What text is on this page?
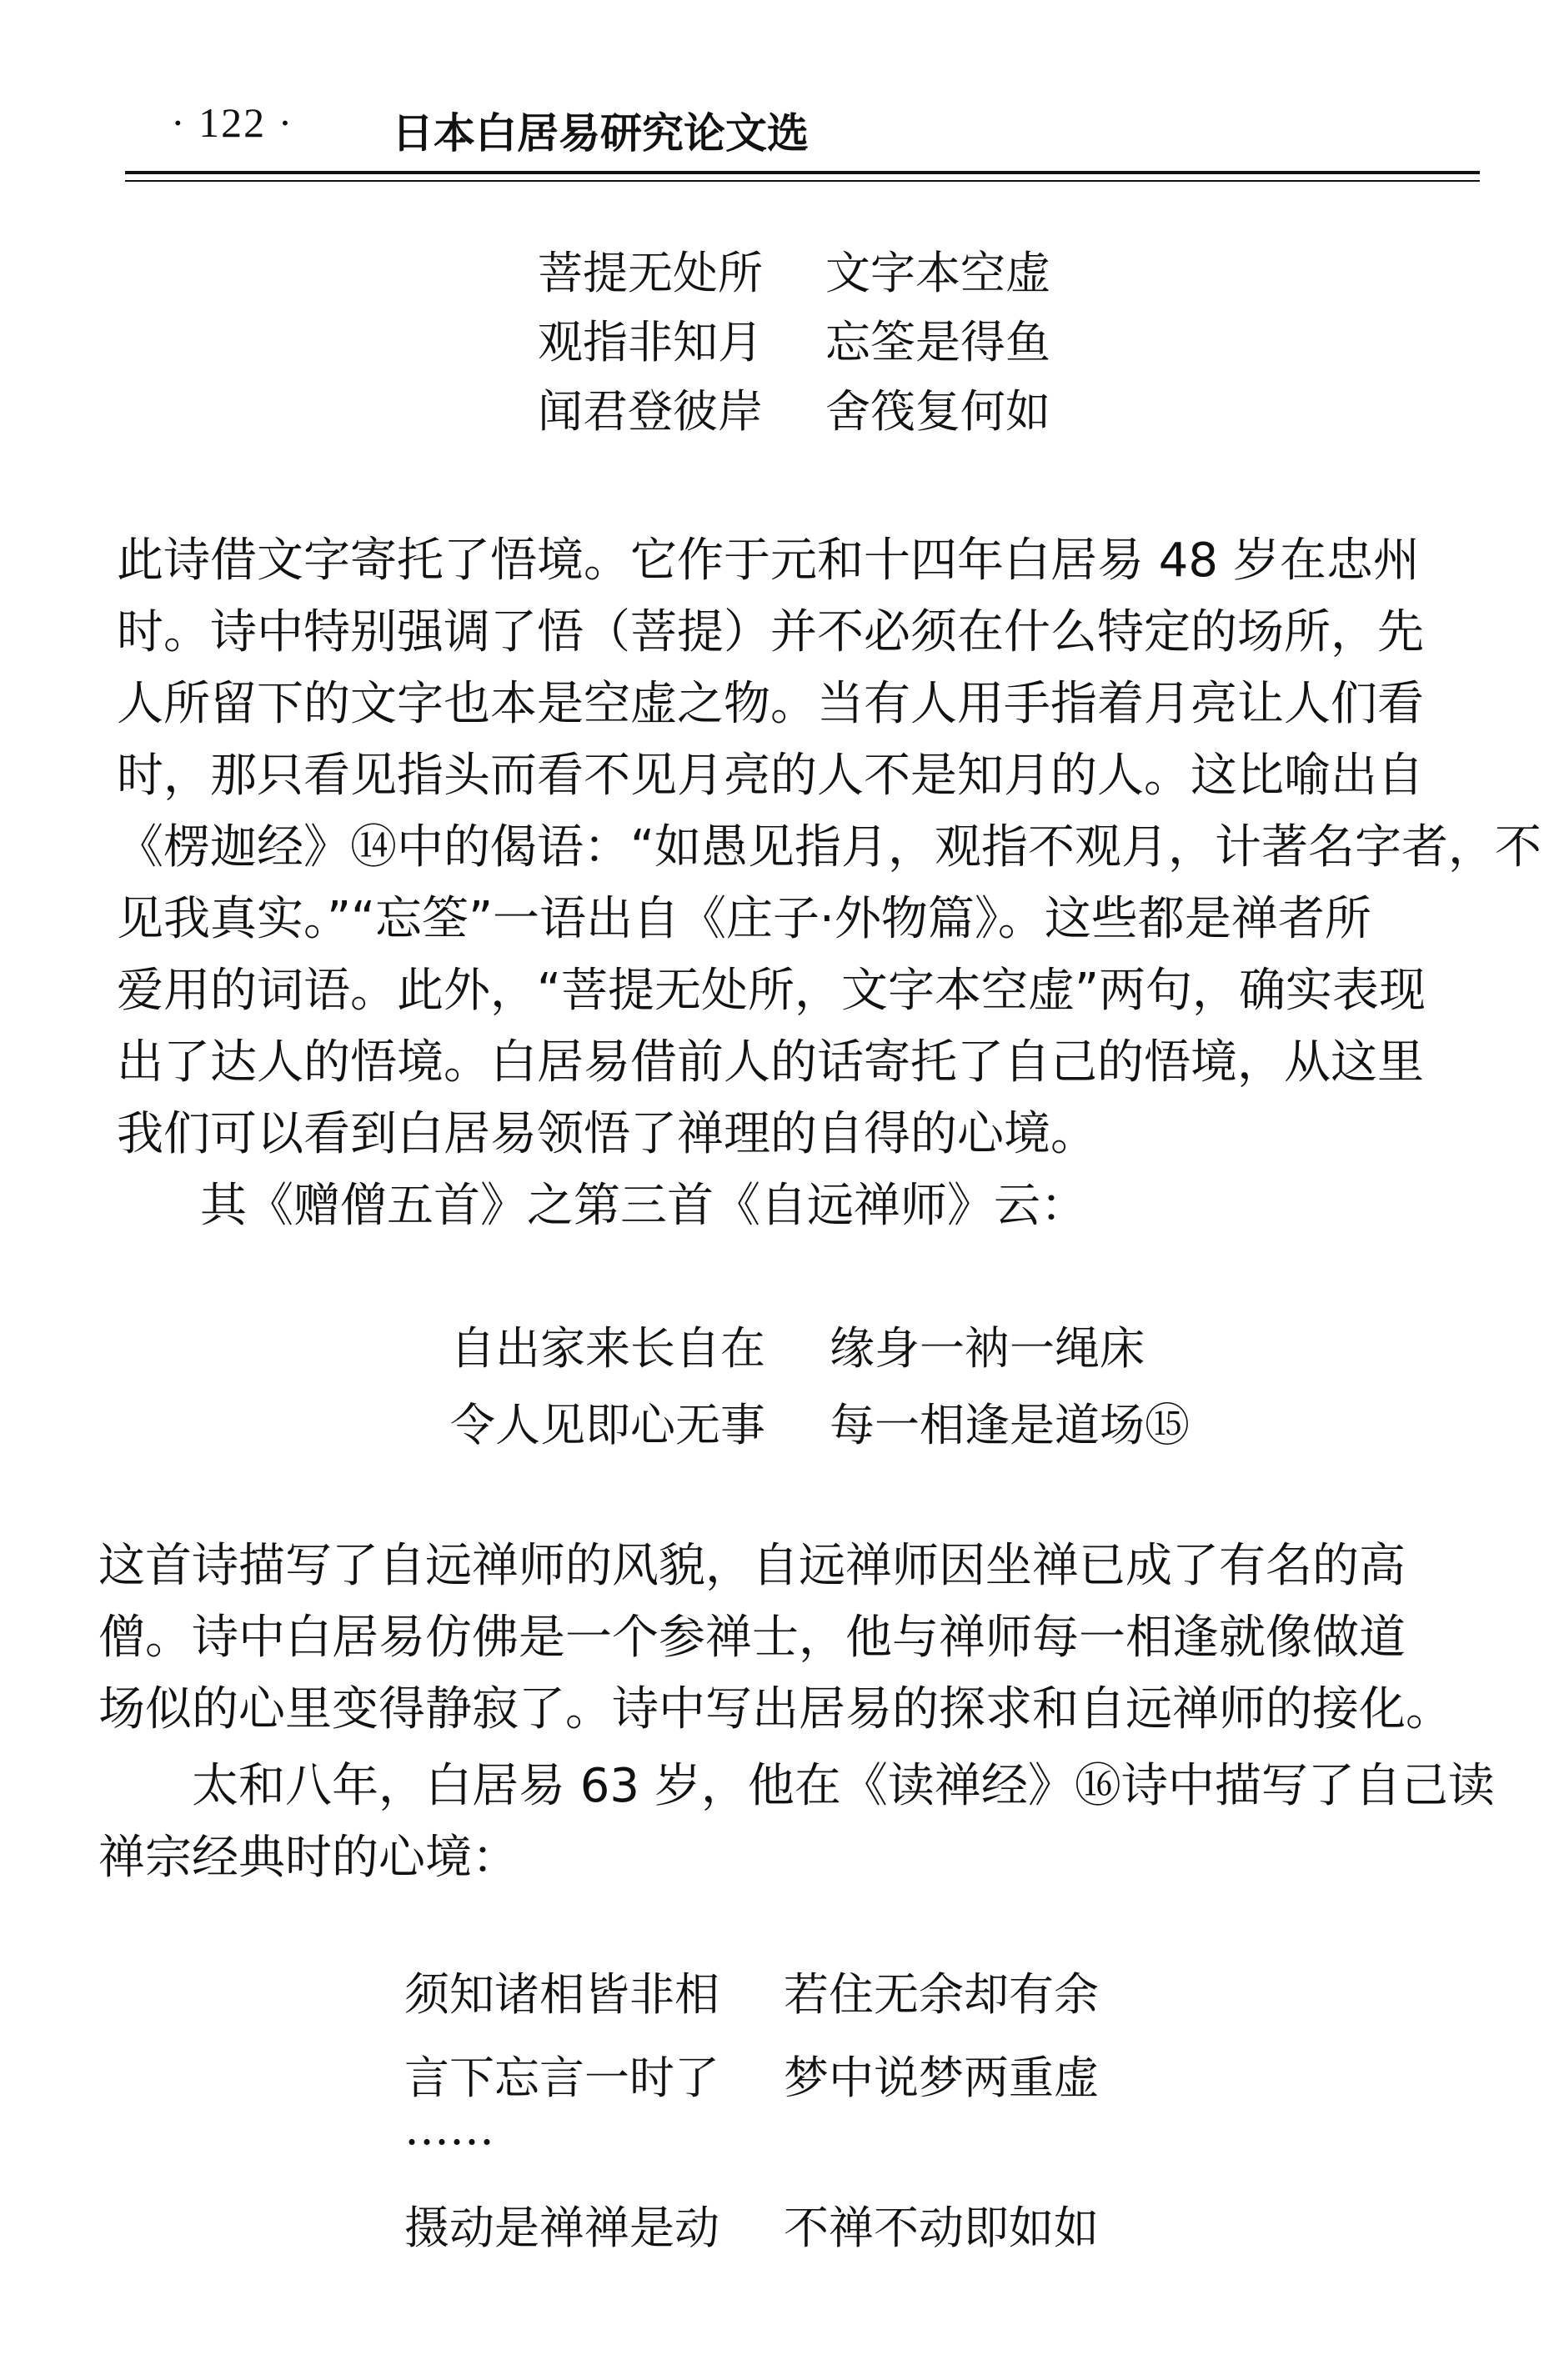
· 122 · 日本白居易研究论文选
菩提无处所 文字本空虚
观指非知月 忘筌是得鱼
闻君登彼岸 舍筏复何如
此诗借文字寄托了悟境。它作于元和十四年白居易 48 岁在忠州
时。诗中特别强调了悟（菩提）并不必须在什么特定的场所，先
人所留下的文字也本是空虚之物。当有人用手指着月亮让人们看
时，那只看见指头而看不见月亮的人不是知月的人。这比喻出自
《楞迦经》⑭中的偈语：“如愚见指月，观指不观月，计著名字者，不
见我真实。”“忘筌”一语出自《庄子·外物篇》。这些都是禅者所
爱用的词语。此外，“菩提无处所，文字本空虚”两句，确实表现
出了达人的悟境。白居易借前人的话寄托了自己的悟境，从这里
我们可以看到白居易领悟了禅理的自得的心境。
其《赠僧五首》之第三首《自远禅师》云：
自出家来长自在 缘身一衲一绳床
令人见即心无事 每一相逢是道场⑮
这首诗描写了自远禅师的风貌，自远禅师因坐禅已成了有名的高
僧。诗中白居易仿佛是一个参禅士，他与禅师每一相逢就像做道
场似的心里变得静寂了。诗中写出居易的探求和自远禅师的接化。
太和八年，白居易 63 岁，他在《读禅经》⑯诗中描写了自己读
禅宗经典时的心境：
须知诸相皆非相 若住无余却有余
言下忘言一时了 梦中说梦两重虚
……
摄动是禅禅是动 不禅不动即如如
